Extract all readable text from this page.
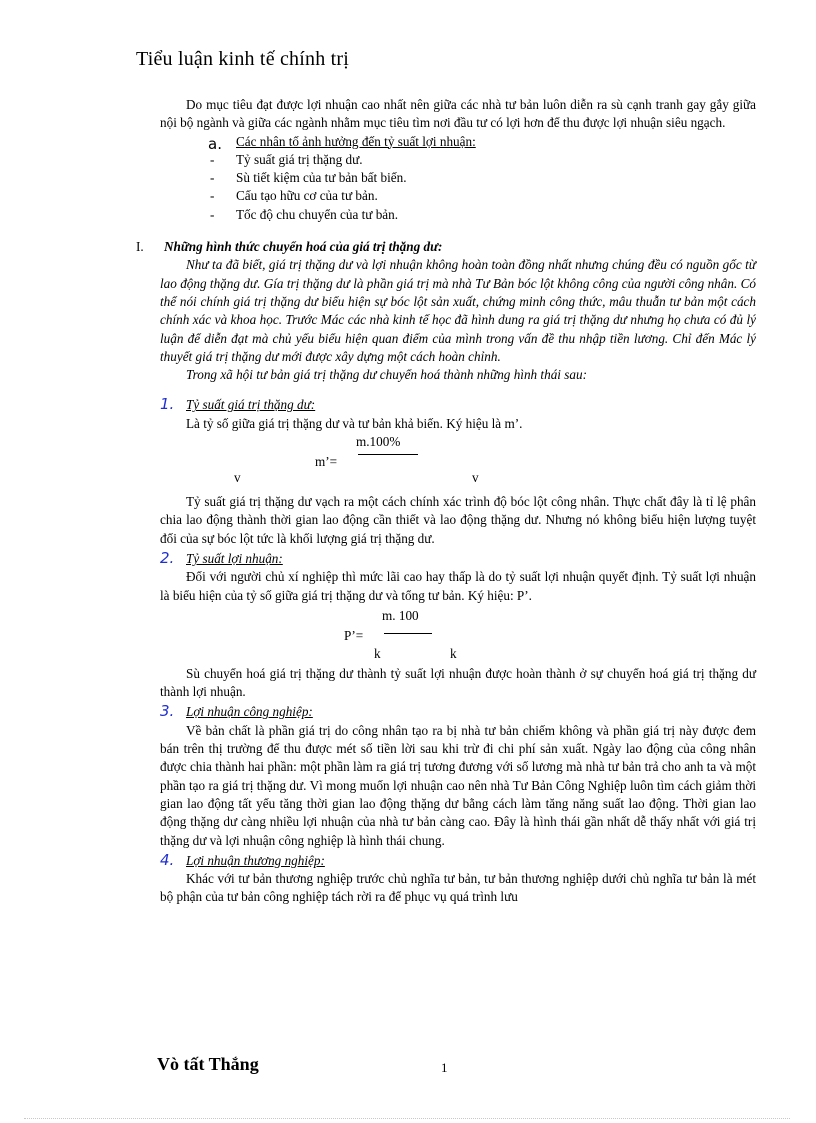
Tiểu luận kinh tế chính trị

Do mục tiêu đạt được lợi nhuận cao nhất nên giữa các nhà tư bản luôn diễn ra sù cạnh tranh gay gắy giữa nội bộ ngành và giữa các ngành nhằm mục tiêu tìm nơi đầu tư có lợi hơn để thu được lợi nhuận siêu ngạch.

a. Các nhân tố ảnh hưởng đến tỷ suất lợi nhuận:
- Tỷ suất giá trị thặng dư.
- Sù tiết kiệm của tư bản bất biến.
- Cấu tạo hữu cơ của tư bản.
- Tốc độ chu chuyển của tư bản.
I. Những hình thức chuyển hoá của giá trị thặng dư:

Như ta đã biết, giá trị thặng dư và lợi nhuận không hoàn toàn đồng nhất nhưng chúng đều có nguồn gốc từ lao động thặng dư. Gía trị thặng dư là phần giá trị mà nhà Tư Bản bóc lột không công của người công nhân. Có thể nói chính giá trị thặng dư biểu hiện sự bóc lột sản xuất, chứng minh công thức, mâu thuẫn tư bản một cách chính xác và khoa học. Trước Mác các nhà kinh tế học đã hình dung ra giá trị thặng dư nhưng họ chưa có đủ lý luận để diễn đạt mà chủ yếu biểu hiện quan điểm của mình trong vấn đề thu nhập tiền lương. Chỉ đến Mác lý thuyết giá trị thặng dư mới được xây dựng một cách hoàn chỉnh.

Trong xã hội tư bản giá trị thặng dư chuyển hoá thành những hình thái sau:

1. Tỷ suất giá trị thặng dư:

Là tỷ số giữa giá trị thặng dư và tư bản khả biến. Ký hiệu là m’.

m’=
m.100%
v	v

Tỷ suất giá trị thặng dư vạch ra một cách chính xác trình độ bóc lột công nhân. Thực chất đây là tỉ lệ phân chia lao động thành thời gian lao động cần thiết và lao động thặng dư. Nhưng nó không biểu hiện lượng tuyệt đối của sự bóc lột tức là khối lượng giá trị thặng dư.

2. Tỷ suất lợi nhuận:

Đối với người chủ xí nghiệp thì mức lãi cao hay thấp là do tỷ suất lợi nhuận quyết định. Tỷ suất lợi nhuận là biểu hiện của tỷ số giữa giá trị thặng dư và tổng tư bản. Ký hiệu: P’.

P’=
m. 100
k	k

Sù chuyển hoá giá trị thặng dư thành tỷ suất lợi nhuận được hoàn thành ở sự chuyển hoá giá trị thặng dư thành lợi nhuận.

3. Lợi nhuận công nghiệp:

Về bản chất là phần giá trị do công nhân tạo ra bị nhà tư bản chiếm không và phần giá trị này được đem bán trên thị trường để thu được mét số tiền lời sau khi trừ đi chi phí sản xuất. Ngày lao động của công nhân được chia thành hai phần: một phần làm ra giá trị tương đương với số lương mà nhà tư bản trả cho anh ta và một phần tạo ra giá trị thặng dư. Vì mong muốn lợi nhuận cao nên nhà Tư Bản Công Nghiệp luôn tìm cách giảm thời gian lao động tất yếu tăng thời gian lao động thặng dư bằng cách làm tăng năng suất lao động. Thời gian lao động thặng dư càng nhiều lợi nhuận của nhà tư bản càng cao. Đây là hình thái gần nhất dễ thấy nhất với giá trị thặng dư và lợi nhuận công nghiệp là hình thái chung.

4. Lợi nhuận thương nghiệp:

Khác với tư bản thương nghiệp trước chủ nghĩa tư bản, tư bản thương nghiệp dưới chủ nghĩa tư bản là mét bộ phận của tư bản công nghiệp tách rời ra để phục vụ quá trình lưu

Vò tất Thắng	1
